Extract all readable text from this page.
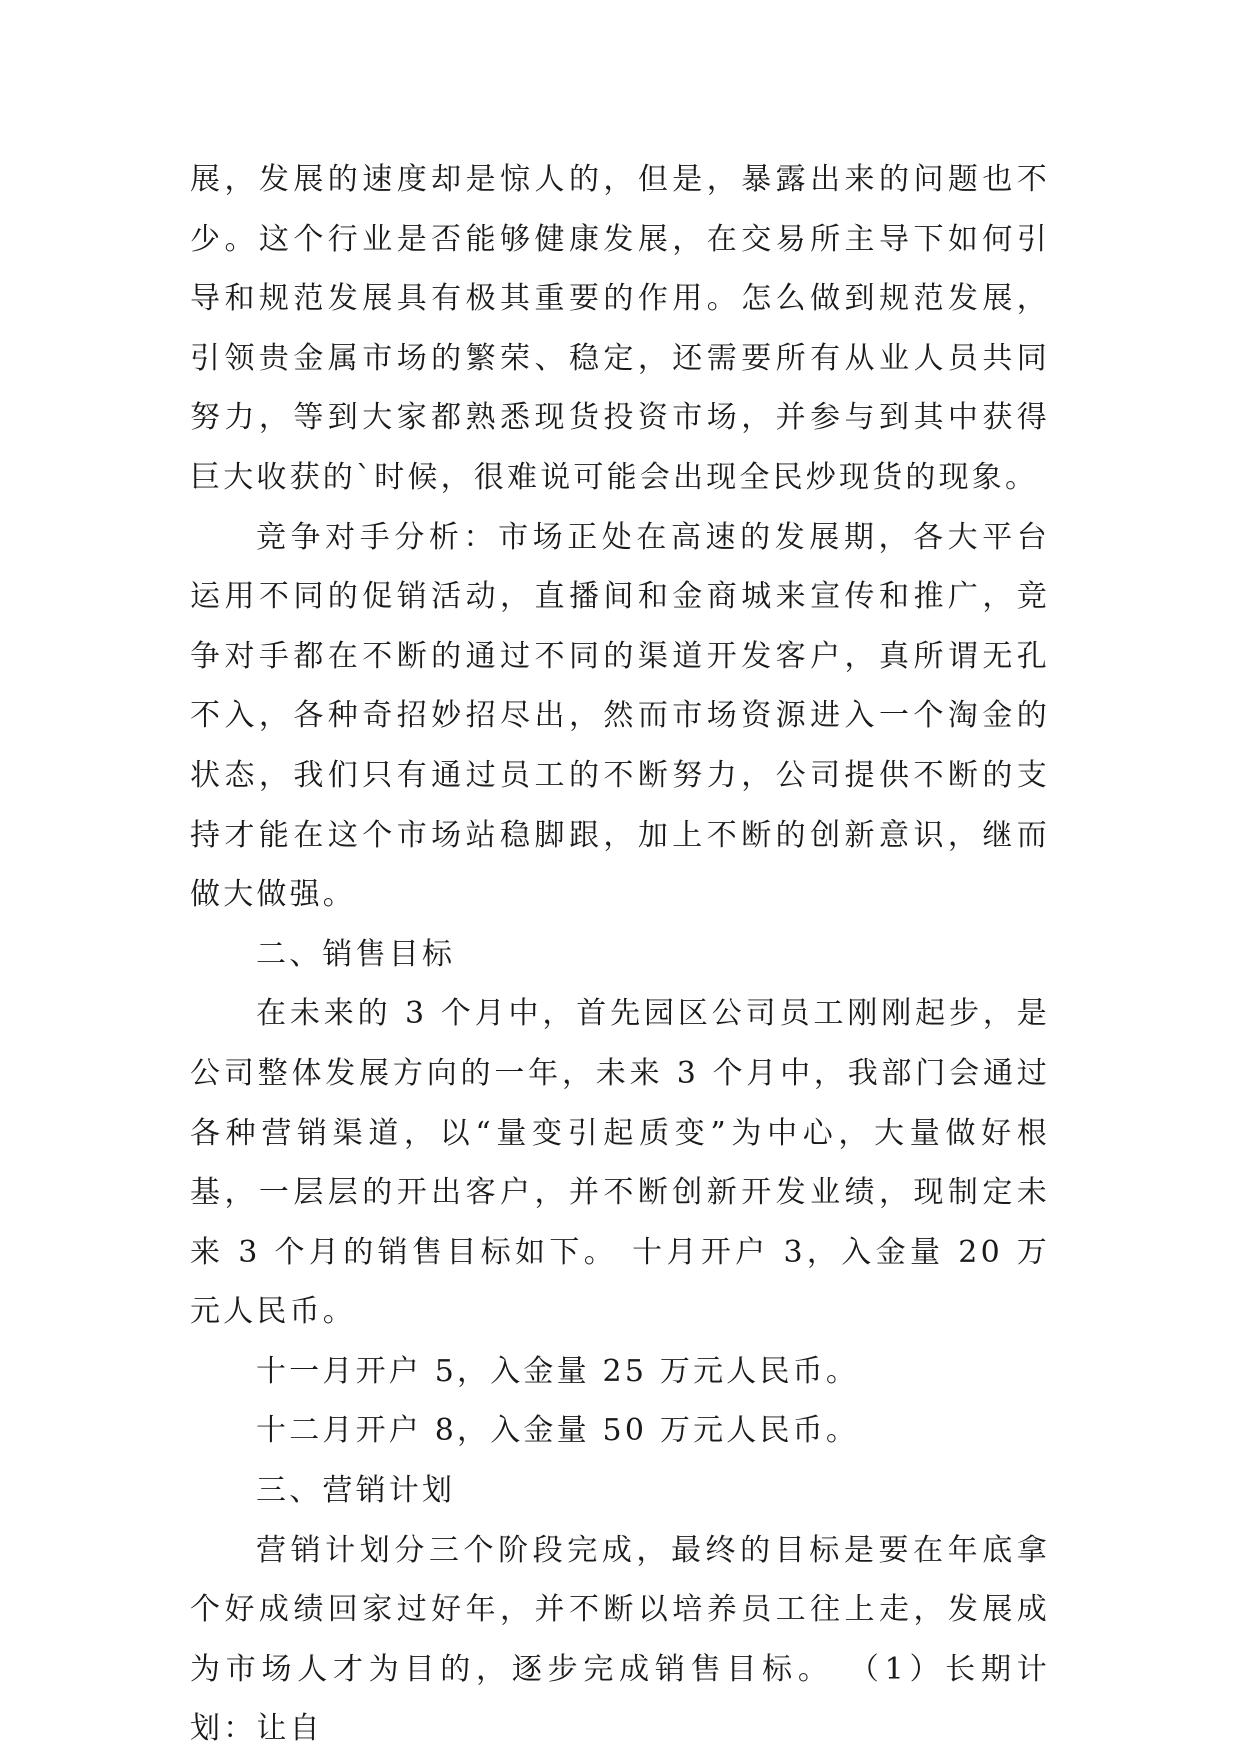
展，发展的速度却是惊人的，但是，暴露出来的问题也不少。这个行业是否能够健康发展，在交易所主导下如何引导和规范发展具有极其重要的作用。怎么做到规范发展，引领贵金属市场的繁荣、稳定，还需要所有从业人员共同努力，等到大家都熟悉现货投资市场，并参与到其中获得巨大收获的`时候，很难说可能会出现全民炒现货的现象。

竞争对手分析：市场正处在高速的发展期，各大平台运用不同的促销活动，直播间和金商城来宣传和推广，竞争对手都在不断的通过不同的渠道开发客户，真所谓无孔不入，各种奇招妙招尽出，然而市场资源进入一个淘金的状态，我们只有通过员工的不断努力，公司提供不断的支持才能在这个市场站稳脚跟，加上不断的创新意识，继而做大做强。

二、销售目标

在未来的 3 个月中，首先园区公司员工刚刚起步，是公司整体发展方向的一年，未来 3 个月中，我部门会通过各种营销渠道，以“量变引起质变”为中心，大量做好根基，一层层的开出客户，并不断创新开发业绩，现制定未来 3 个月的销售目标如下。 十月开户 3，入金量 20 万元人民币。

十一月开户 5，入金量 25 万元人民币。

十二月开户 8，入金量 50 万元人民币。

三、营销计划

营销计划分三个阶段完成，最终的目标是要在年底拿个好成绩回家过好年，并不断以培养员工往上走，发展成为市场人才为目的，逐步完成销售目标。 （1）长期计划：让自
